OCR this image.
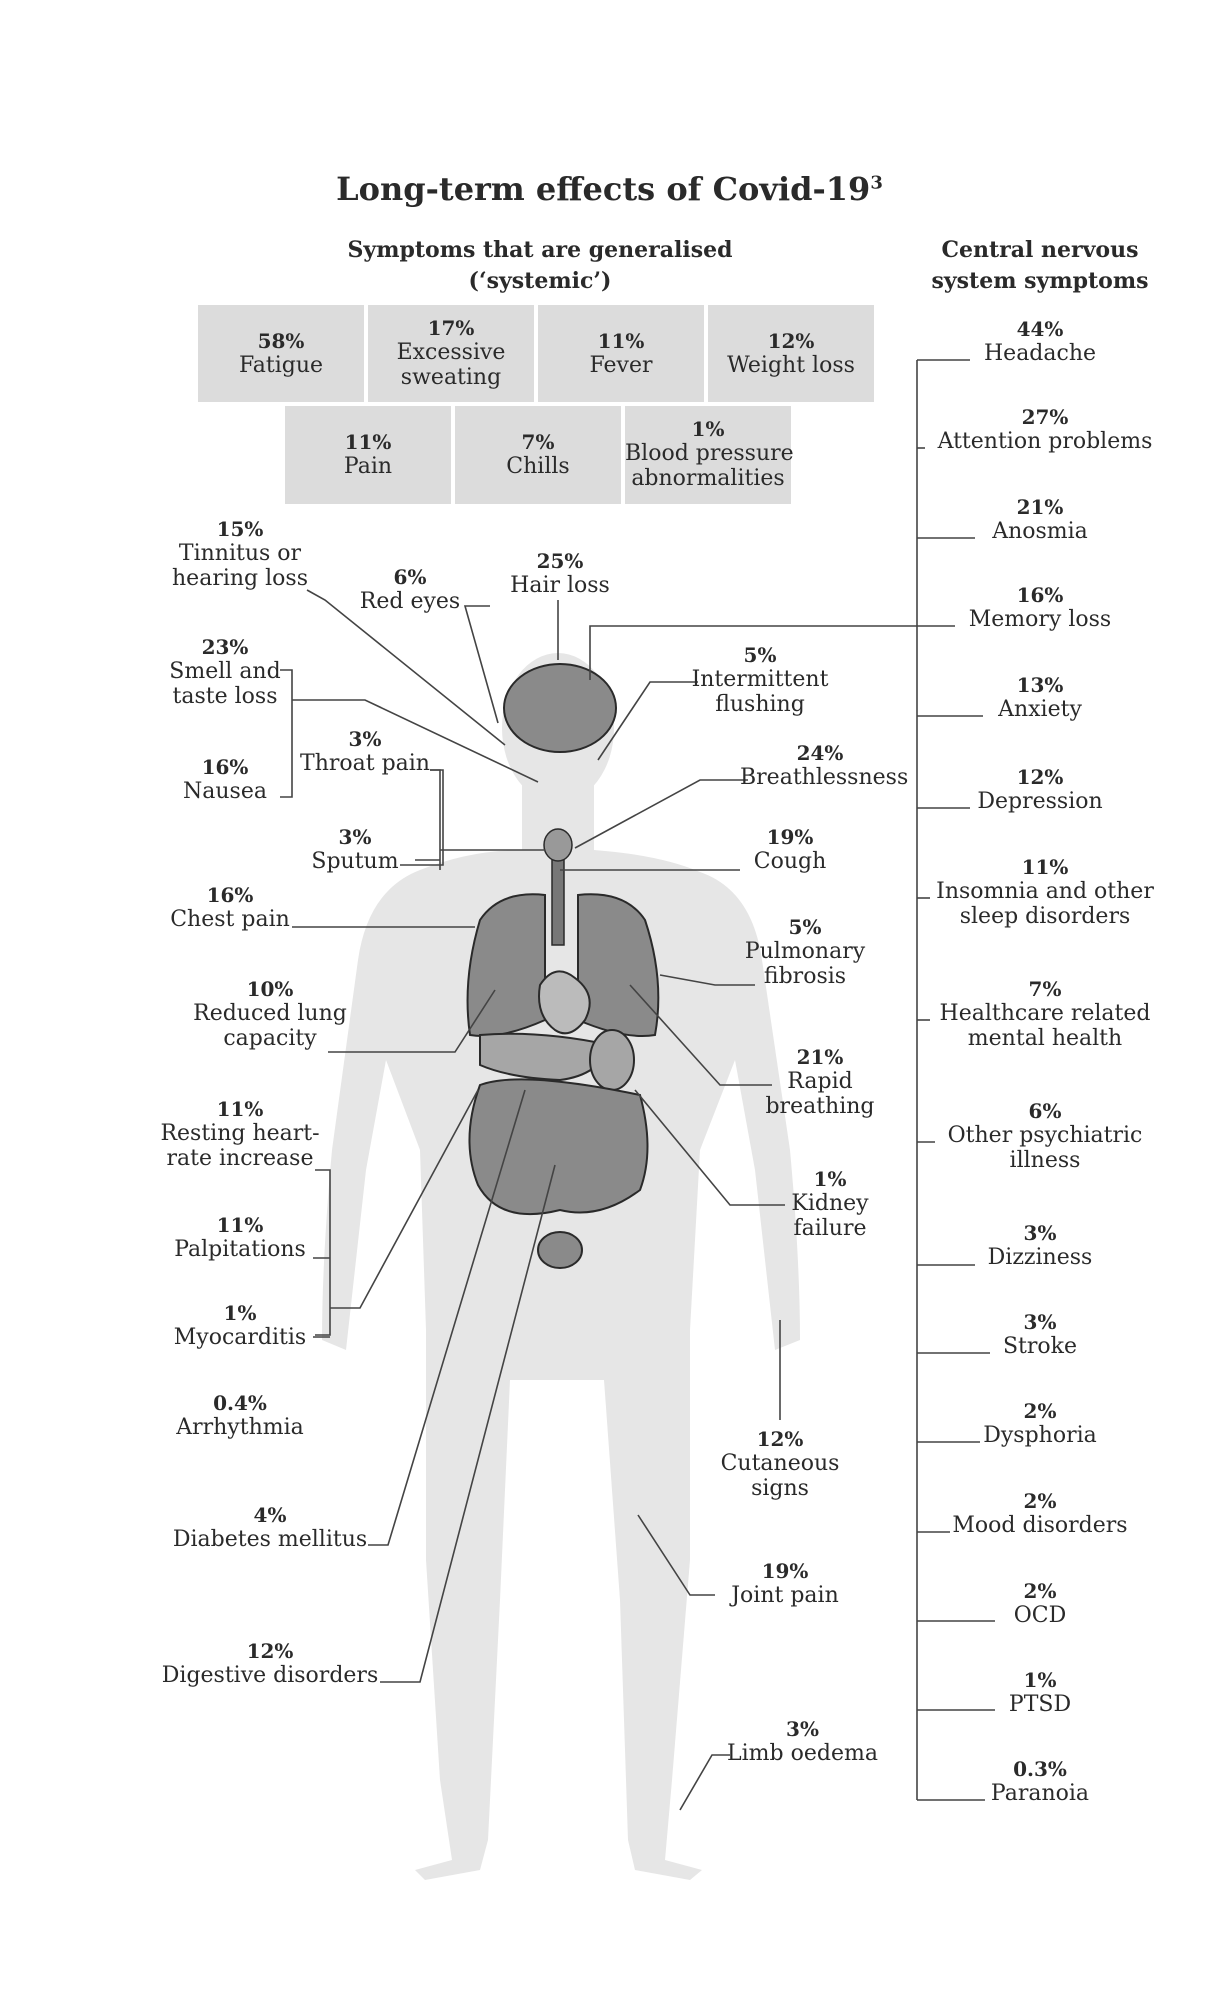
Long-term effects of Covid-$19^3$
Symptoms that are generalised
(‘systemic’)
Central nervous
system symptoms
58%
Fatigue
17%
Excessive
sweating
11%
Fever
12%
Weight loss
11%
Pain
7%
Chills
1%
Blood pressure
abnormalities
44%
Headache
27%
Attention problems
21%
Anosmia
16%
Memory loss
13%
Anxiety
12%
Depression
11%
Insomnia and other
sleep disorders
7%
Healthcare related
mental health
6%
Other psychiatric
illness
3%
Dizziness
3%
Stroke
2%
Dysphoria
2%
Mood disorders
2%
OCD
1%
PTSD
0.3%
Paranoia
15%
Tinnitus or
hearing loss
23%
Smell and
taste loss
16%
Nausea
16%
Chest pain
10%
Reduced lung
capacity
11%
Resting heart-
rate increase
11%
Palpitations
1%
Myocarditis
0.4%
Arrhythmia
4%
Diabetes mellitus
12%
Digestive disorders
6%
Red eyes
25%
Hair loss
3%
Throat pain
3%
Sputum
5%
Intermittent
flushing
24%
Breathlessness
19%
Cough
5%
Pulmonary
fibrosis
21%
Rapid
breathing
1%
Kidney
failure
12%
Cutaneous
signs
19%
Joint pain
3%
Limb oedema
